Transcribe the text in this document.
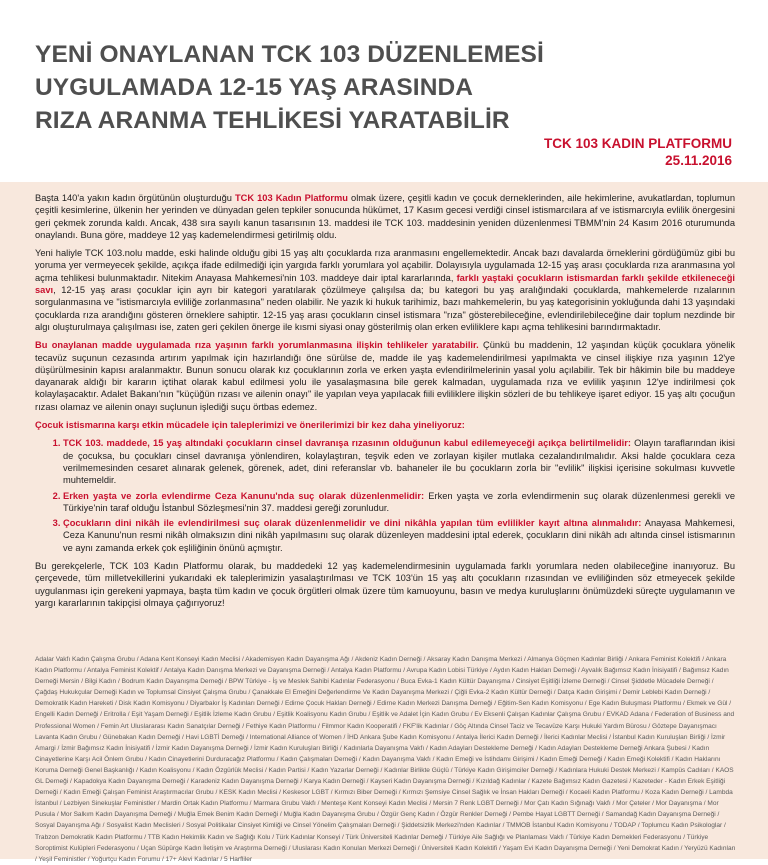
YENİ ONAYLANAN TCK 103 DÜZENLEMESİ
UYGULAMADA 12-15 YAŞ ARASINDA
RIZA ARANMA TEHLİKESİ YARATABİLİR
TCK 103 KADIN PLATFORMU
25.11.2016

Başta 140'a yakın kadın örgütünün oluşturduğu TCK 103 Kadın Platformu olmak üzere, çeşitli kadın ve çocuk derneklerinden, aile hekimlerine, avukatlardan, toplumun çeşitli kesimlerine, ülkenin her yerinden ve dünyadan gelen tepkiler sonucunda hükümet, 17 Kasım gecesi verdiği cinsel istismarcılara af ve istismarcıyla evlilik önergesini geri çekmek zorunda kaldı. Ancak, 438 sıra sayılı kanun tasarısının 13. maddesi ile TCK 103. maddesinin yeniden düzenlenmesi TBMM'nin 24 Kasım 2016 oturumunda onaylandı. Buna göre, maddeye 12 yaş kademelendirmesi getirilmiş oldu.

Yeni haliyle TCK 103.nolu madde, eski halinde olduğu gibi 15 yaş altı çocuklarda rıza aranmasını engellemektedir. Ancak bazı davalarda örneklerini gördüğümüz gibi bu yoruma yer vermeyecek şekilde, açıkça ifade edilmediği için yargıda farklı yorumlara yol açabilir. Dolayısıyla uygulamada 12-15 yaş arası çocuklarda rıza aranmasına yol açma tehlikesi bulunmaktadır. Nitekim Anayasa Mahkemesi'nin 103. maddeye dair iptal kararlarında, farklı yaştaki çocukların istismardan farklı şekilde etkileneceği savı, 12-15 yaş arası çocuklar için ayrı bir kategori yaratılarak çözülmeye çalışılsa da; bu kategori bu yaş aralığındaki çocuklarda, mahkemelerde rızalarının sorgulanmasına ve "istismarcıyla evliliğe zorlanmasına" neden olabilir. Ne yazık ki hukuk tarihimiz, bazı mahkemelerin, bu yaş kategorisinin yokluğunda dahi 13 yaşındaki çocuklarda rıza arandığını gösteren örneklere sahiptir. 12-15 yaş arası çocukların cinsel istismara "rıza" gösterebileceğine, evlendirilebileceğine dair toplum nezdinde bir algı oluşturulmaya çalışılması ise, zaten geri çekilen önerge ile kısmi siyasi onay gösterilmiş olan erken evliliklere kapı açma tehlikesini barındırmaktadır.

Bu onaylanan madde uygulamada rıza yaşının farklı yorumlanmasına ilişkin tehlikeler yaratabilir. Çünkü bu maddenin, 12 yaşından küçük çocuklara yönelik tecavüz suçunun cezasında artırım yapılmak için hazırlandığı öne sürülse de, madde ile yaş kademelendirilmesi yapılmakta ve cinsel ilişkiye rıza yaşının 12'ye düşürülmesinin kapısı aralanmaktır. Bunun sonucu olarak kız çocuklarının zorla ve erken yaşta evlendirilmelerinin yasal yolu açılabilir. Tek bir hâkimin bile bu maddeye dayanarak aldığı bir kararın içtihat olarak kabul edilmesi yolu ile yasalaşmasına bile gerek kalmadan, uygulamada rıza ve evlilik yaşının 12'ye indirilmesi çok kolaylaşacaktır. Adalet Bakanı'nın "küçüğün rızası ve ailenin onayı" ile yapılan veya yapılacak fiili evliliklere ilişkin sözleri de bu tehlikeye işaret ediyor. 15 yaş altı çocuğun rızası olamaz ve ailenin onayı suçlunun işlediği suçu örtbas edemez.

Çocuk istismarına karşı etkin mücadele için taleplerimizi ve önerilerimizi bir kez daha yineliyoruz:

1. TCK 103. maddede, 15 yaş altındaki çocukların cinsel davranışa rızasının olduğunun kabul edilemeyeceği açıkça belirtilmelidir: Olayın taraflarından ikisi de çocuksa, bu çocukları cinsel davranışa yönlendiren, kolaylaştıran, teşvik eden ve zorlayan kişiler mutlaka cezalandırılmalıdır. Aksi halde çocuklara ceza verilmemesinden cesaret alınarak gelenek, görenek, adet, dini referanslar vb. bahaneler ile bu çocukların zorla bir "evlilik" ilişkisi içerisine sokulması kuvvetle muhtemeldir.
2. Erken yaşta ve zorla evlendirme Ceza Kanunu'nda suç olarak düzenlenmelidir: Erken yaşta ve zorla evlendirmenin suç olarak düzenlenmesi gerekli ve Türkiye'nin taraf olduğu İstanbul Sözleşmesi'nin 37. maddesi gereği zorunludur.
3. Çocukların dini nikâh ile evlendirilmesi suç olarak düzenlenmelidir ve dini nikâhla yapılan tüm evlilikler kayıt altına alınmalıdır: Anayasa Mahkemesi, Ceza Kanunu'nun resmi nikâh olmaksızın dini nikâh yapılmasını suç olarak düzenleyen maddesini iptal ederek, çocukların dini nikâh adı altında cinsel istismarının ve aynı zamanda erkek çok eşliliğinin önünü açmıştır.

Bu gerekçelerle, TCK 103 Kadın Platformu olarak, bu maddedeki 12 yaş kademelendirmesinin uygulamada farklı yorumlara neden olabileceğine inanıyoruz. Bu çerçevede, tüm milletvekillerini yukarıdaki ek taleplerimizin yasalaştırılması ve TCK 103'ün 15 yaş altı çocukların rızasından ve evliliğinden söz etmeyecek şekilde uygulanması için gerekeni yapmaya, başta tüm kadın ve çocuk örgütleri olmak üzere tüm kamuoyunu, basın ve medya kuruluşlarını önümüzdeki süreçte uygulamanın ve yargı kararlarının takipçisi olmaya çağırıyoruz!

Adalar Vakfı Kadın Çalışma Grubu / Adana Kent Konseyi Kadın Meclisi / Akademisyen Kadın Dayanışma Ağı / Akdeniz Kadın Derneği / Aksaray Kadın Danışma Merkezi / Almanya Göçmen Kadınlar Birliği / Ankara Feminist Kolektifi / Ankara Kadın Platformu / Antalya Feminist Kolektif / Antalya Kadın Danışma Merkezi ve Dayanışma Derneği / Antalya Kadın Platformu / Avrupa Kadın Lobisi Türkiye / Aydın Kadın Hakları Derneği / Ayvalık Bağımsız Kadın İnisiyatifi / Bağımsız Kadın Derneği Mersin / Bilgi Kadın / Bodrum Kadın Dayanışma Derneği / BPW Türkiye - İş ve Meslek Sahibi Kadınlar Federasyonu / Buca Evka-1 Kadın Kültür Dayanışma / Cinsiyet Eşitliği İzleme Derneği / Cinsel Şiddetle Mücadele Derneği / Çağdaş Hukukçular Derneği Kadın ve Toplumsal Cinsiyet Çalışma Grubu / Çanakkale El Emeğini Değerlendirme Ve Kadın Dayanışma Merkezi / Çiğli Evka-2 Kadın Kültür Derneği / Datça Kadın Girişimi / Demir Leblebi Kadın Derneği / Demokratik Kadın Hareketi / Disk Kadın Komisyonu / Diyarbakır İş Kadınları Derneği / Edirne Çocuk Hakları Derneği / Edirne Kadın Merkezi Danışma Derneği / Eğitim-Sen Kadın Komisyonu / Ege Kadın Buluşması Platformu / Ekmek ve Gül / Engelli Kadın Derneği / Eritrolla / Eşit Yaşam Derneği / Eşitlik İzleme Kadın Grubu / Eşitlik Koalisyonu Kadın Grubu / Eşitlik ve Adalet İçin Kadın Grubu / Ev Eksenli Çalışan Kadınlar Çalışma Grubu / EVKAD Adana / Federation of Business and Professional Women / Femin Art Uluslararası Kadın Sanatçılar Derneği / Fethiye Kadın Platformu / Filmmor Kadın Kooperatifi / FKF'lik Kadınlar / Göç Altında Cinsel Taciz ve Tecavüze Karşı Hukuki Yardım Bürosu / Göztepe Dayanışmacı Lavanta Kadın Grubu / Günebakan Kadın Derneği / Havi LGBTİ Derneği / International Alliance of Women / İHD Ankara Şube Kadın Komisyonu / Antalya İlerici Kadın Derneği / İlerici Kadınlar Meclisi / İstanbul Kadın Kuruluşları Birliği / İzmir Amargi / İzmir Bağımsız Kadın İnisiyatifi / İzmir Kadın Dayanışma Derneği / İzmir Kadın Kuruluşları Birliği / Kadınlarla Dayanışma Vakfı / Kadın Adayları Destekleme Derneği / Kadın Adayları Destekleme Derneği Ankara Şubesi / Kadın Cinayetlerine Karşı Acil Önlem Grubu / Kadın Cinayetlerini Durduracağız Platformu / Kadın Çalışmaları Derneği / Kadın Dayanışma Vakfı / Kadın Emeği ve İstihdamı Girişimi / Kadın Emeği Derneği / Kadın Emeği Kolektifi / Kadın Haklarını Koruma Derneği Genel Başkanlığı / Kadın Koalisyonu / Kadın Özgürlük Meclisi / Kadın Partisi / Kadın Yazarlar Derneği / Kadınlar Birlikte Güçlü / Türkiye Kadın Girişimciler Derneği / Kadınlara Hukuki Destek Merkezi / Kampüs Cadıları / KAOS GL Derneği / Kapadokya Kadın Dayanışma Derneği / Karadeniz Kadın Dayanışma Derneği / Karya Kadın Derneği / Kayseri Kadın Dayanışma Derneği / Kızıldağ Kadınlar / Kazete Bağımsız Kadın Gazetesi / Kazeteder - Kadın Erkek Eşitliği Derneği / Kadın Emeği Çalışan Feminist Araştırmacılar Grubu / KESK Kadın Meclisi / Keskesor LGBT / Kırmızı Biber Derneği / Kırmızı Şemsiye Cinsel Sağlık ve İnsan Hakları Derneği / Kocaeli Kadın Platformu / Koza Kadın Derneği / Lambda İstanbul / Lezbiyen Sinekuşlar Feministler / Mardin Ortak Kadın Platformu / Marmara Grubu Vakfı / Menteşe Kent Konseyi Kadın Meclisi / Mersin 7 Renk LGBT Derneği / Mor Çatı Kadın Sığınağı Vakfı / Mor Çeteler / Mor Dayanışma / Mor Pusula / Mor Salkım Kadın Dayanışma Derneği / Muğla Emek Benim Kadın Derneği / Muğla Kadın Dayanışma Grubu / Özgür Genç Kadın / Özgür Renkler Derneği / Pembe Hayat LGBTT Derneği / Samandağ Kadın Dayanışma Derneği / Sosyal Dayanışma Ağı / Sosyalist Kadın Meclisleri / Sosyal Politikalar Cinsiyet Kimliği ve Cinsel Yönelim Çalışmaları Derneği / Şiddetsizlik Merkezi'nden Kadınlar / TMMOB İstanbul Kadın Komisyonu / TODAP / Toplumcu Kadın Psikologlar / Trabzon Demokratik Kadın Platformu / TTB Kadın Hekimlik Kadın ve Sağlığı Kolu / Türk Kadınlar Konseyi / Türk Üniversiteli Kadınlar Derneği / Türkiye Aile Sağlığı ve Planlaması Vakfı / Türkiye Kadın Dernekleri Federasyonu / Türkiye Soroptimist Kulüpleri Federasyonu / Uçan Süpürge Kadın İletişim ve Araştırma Derneği / Uluslarası Kadın Konuları Merkezi Derneği / Üniversiteli Kadın Kolektifi / Yaşam Evi Kadın Dayanışma Derneği / Yeni Demokrat Kadın / Yeryüzü Kadınları / Yeşil Feministler / Yoğurtçu Kadın Forumu / 17+ Alevi Kadınlar / 5 Harfliler
